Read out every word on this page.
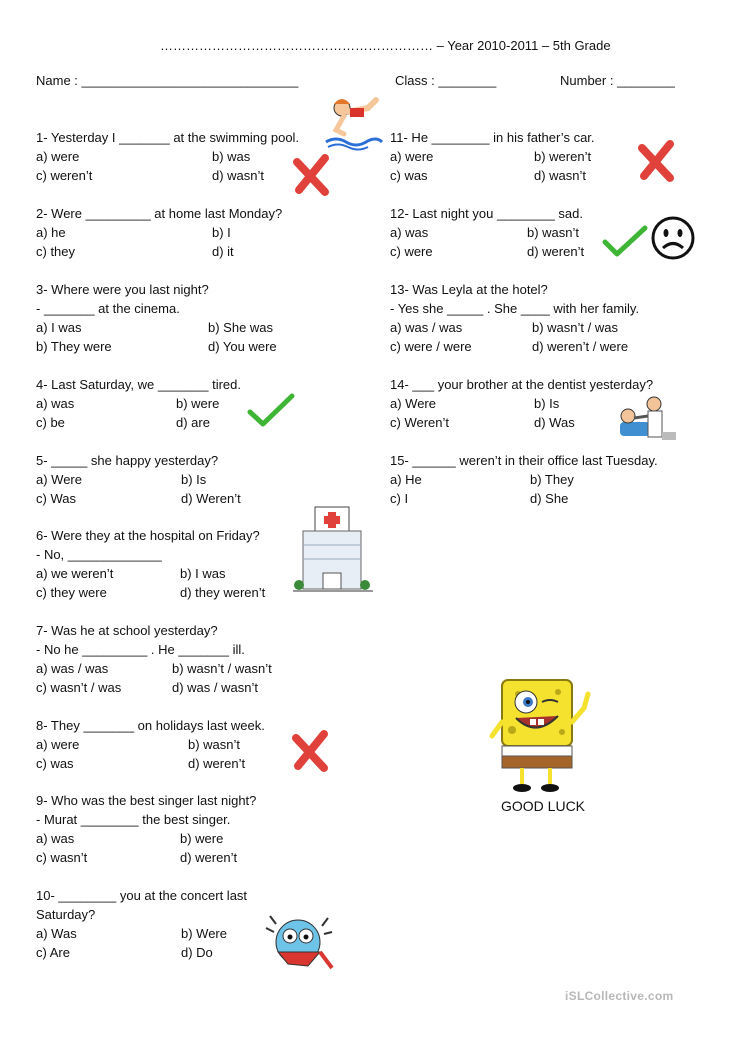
……………………………………………………… – Year 2010-2011 – 5th Grade
Name : ______________________________	Class : ________	Number : ________
1- Yesterday I _______ at the swimming pool.
a) were	b) was
c) weren’t	d) wasn’t
2- Were _________ at home last Monday?
a) he	b) I
c) they	d) it
3- Where were you last night?
- _______ at the cinema.
a) I was	b) She was
b) They were	d) You were
4- Last Saturday, we _______ tired.
a) was	b) were
c) be	d) are
5- _____ she happy yesterday?
a) Were	b) Is
c) Was	d) Weren’t
6- Were they at the hospital on Friday?
- No, _____________
a) we weren’t	b) I was
c) they were	d) they weren’t
7- Was he at school yesterday?
- No he _________ . He _______ ill.
a) was / was	b) wasn’t / wasn’t
c) wasn’t / was	d) was / wasn’t
8- They _______ on holidays last week.
a) were	b) wasn’t
c) was	d) weren’t
9- Who was the best singer last night?
- Murat ________ the best singer.
a) was	b) were
c) wasn’t	d) weren’t
10- ________ you at the concert last
Saturday?
a) Was	b) Were
c) Are	d) Do
11- He ________ in his father’s car.
a) were	b) weren’t
c) was	d) wasn’t
12- Last night you ________ sad.
a) was	b) wasn’t
c) were	d) weren’t
13- Was Leyla at the hotel?
- Yes she _____ . She ____ with her family.
a) was / was	b) wasn’t / was
c) were / were	d) weren’t / were
14- ___ your brother at the dentist yesterday?
a) Were	b) Is
c) Weren’t	d) Was
15- ______ weren’t in their office last Tuesday.
a) He	b) They
c) I	d) She
GOOD LUCK
iSLCollective.com
